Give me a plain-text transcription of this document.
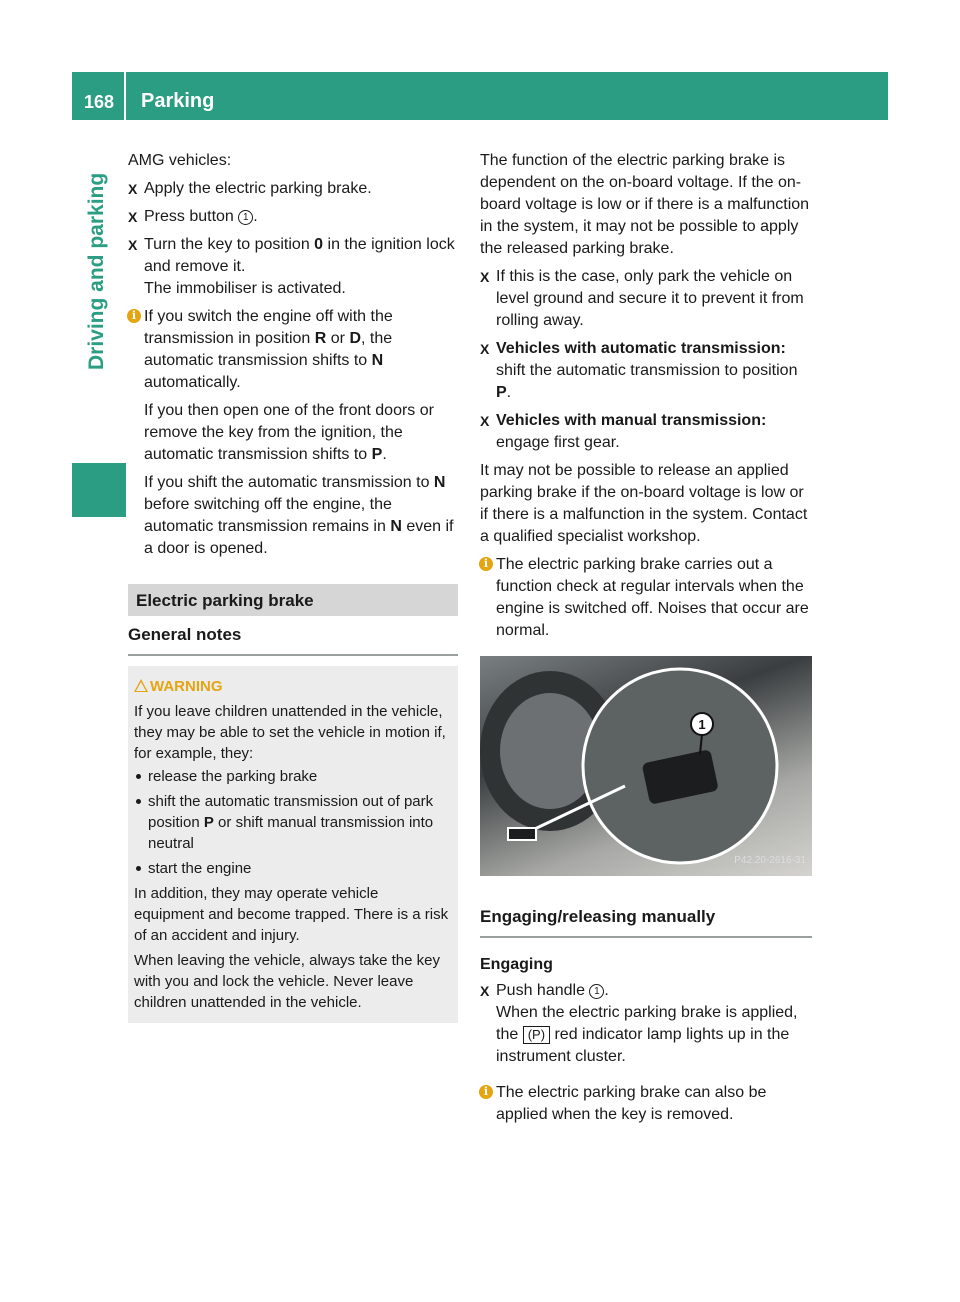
168 Parking
Driving and parking

AMG vehicles:

X Apply the electric parking brake.
X Press button 1 .
X Turn the key to position 0 in the ignition lock and remove it.
The immobiliser is activated.
i If you switch the engine off with the transmission in position R or D, the automatic transmission shifts to N automatically.
If you then open one of the front doors or remove the key from the ignition, the automatic transmission shifts to P.
If you shift the automatic transmission to N before switching off the engine, the automatic transmission remains in N even if a door is opened.
Electric parking brake
General notes
WARNING
If you leave children unattended in the vehicle, they may be able to set the vehicle in motion if, for example, they:
release the parking brake
shift the automatic transmission out of park position P or shift manual transmission into neutral
start the engine
In addition, they may operate vehicle equipment and become trapped. There is a risk of an accident and injury.
When leaving the vehicle, always take the key with you and lock the vehicle. Never leave children unattended in the vehicle.

The function of the electric parking brake is dependent on the on-board voltage. If the on-board voltage is low or if there is a malfunction in the system, it may not be possible to apply the released parking brake.

X If this is the case, only park the vehicle on level ground and secure it to prevent it from rolling away.
X Vehicles with automatic transmission:
shift the automatic transmission to position P.
X Vehicles with manual transmission:
engage first gear.

It may not be possible to release an applied parking brake if the on-board voltage is low or if there is a malfunction in the system. Contact a qualified specialist workshop.

i The electric parking brake carries out a function check at regular intervals when the engine is switched off. Noises that occur are normal.
1
P42.20-2616-31
Engaging/releasing manually
Engaging
X Push handle 1 .
When the electric parking brake is applied, the (P) red indicator lamp lights up in the instrument cluster.
i The electric parking brake can also be applied when the key is removed.
